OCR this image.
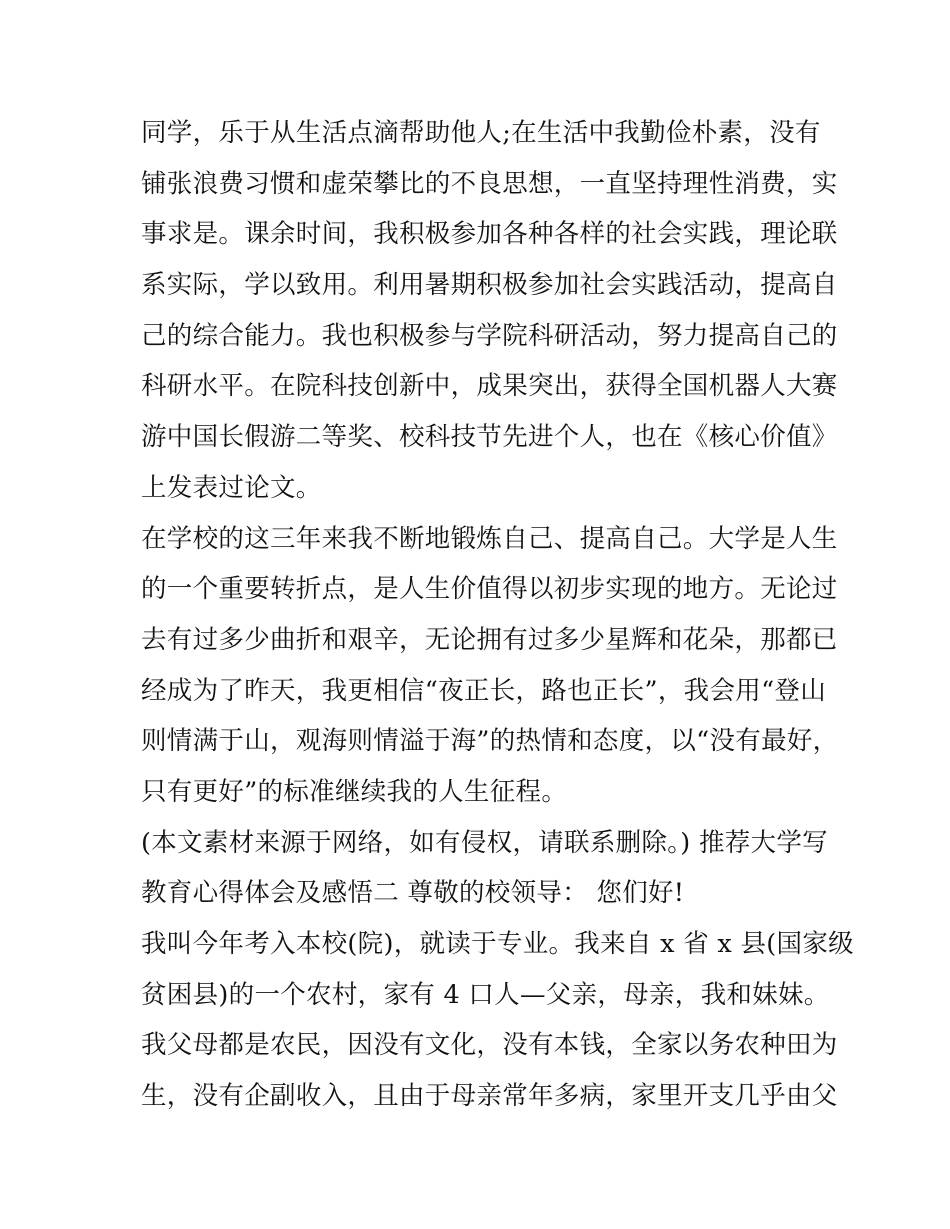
同学，乐于从生活点滴帮助他人;在生活中我勤俭朴素，没有
铺张浪费习惯和虚荣攀比的不良思想，一直坚持理性消费，实
事求是。课余时间，我积极参加各种各样的社会实践，理论联
系实际，学以致用。利用暑期积极参加社会实践活动，提高自
己的综合能力。我也积极参与学院科研活动，努力提高自己的
科研水平。在院科技创新中，成果突出，获得全国机器人大赛
游中国长假游二等奖、校科技节先进个人，也在《核心价值》
上发表过论文。
在学校的这三年来我不断地锻炼自己、提高自己。大学是人生
的一个重要转折点，是人生价值得以初步实现的地方。无论过
去有过多少曲折和艰辛，无论拥有过多少星辉和花朵，那都已
经成为了昨天，我更相信“夜正长，路也正长”，我会用“登山
则情满于山，观海则情溢于海”的热情和态度，以“没有最好，
只有更好”的标准继续我的人生征程。
(本文素材来源于网络，如有侵权，请联系删除。) 推荐大学写
教育心得体会及感悟二 尊敬的校领导： 您们好!
我叫今年考入本校(院)，就读于专业。我来自 x 省 x 县(国家级
贫困县)的一个农村，家有 4 口人—父亲，母亲，我和妹妹。
我父母都是农民，因没有文化，没有本钱，全家以务农种田为
生，没有企副收入，且由于母亲常年多病，家里开支几乎由父
